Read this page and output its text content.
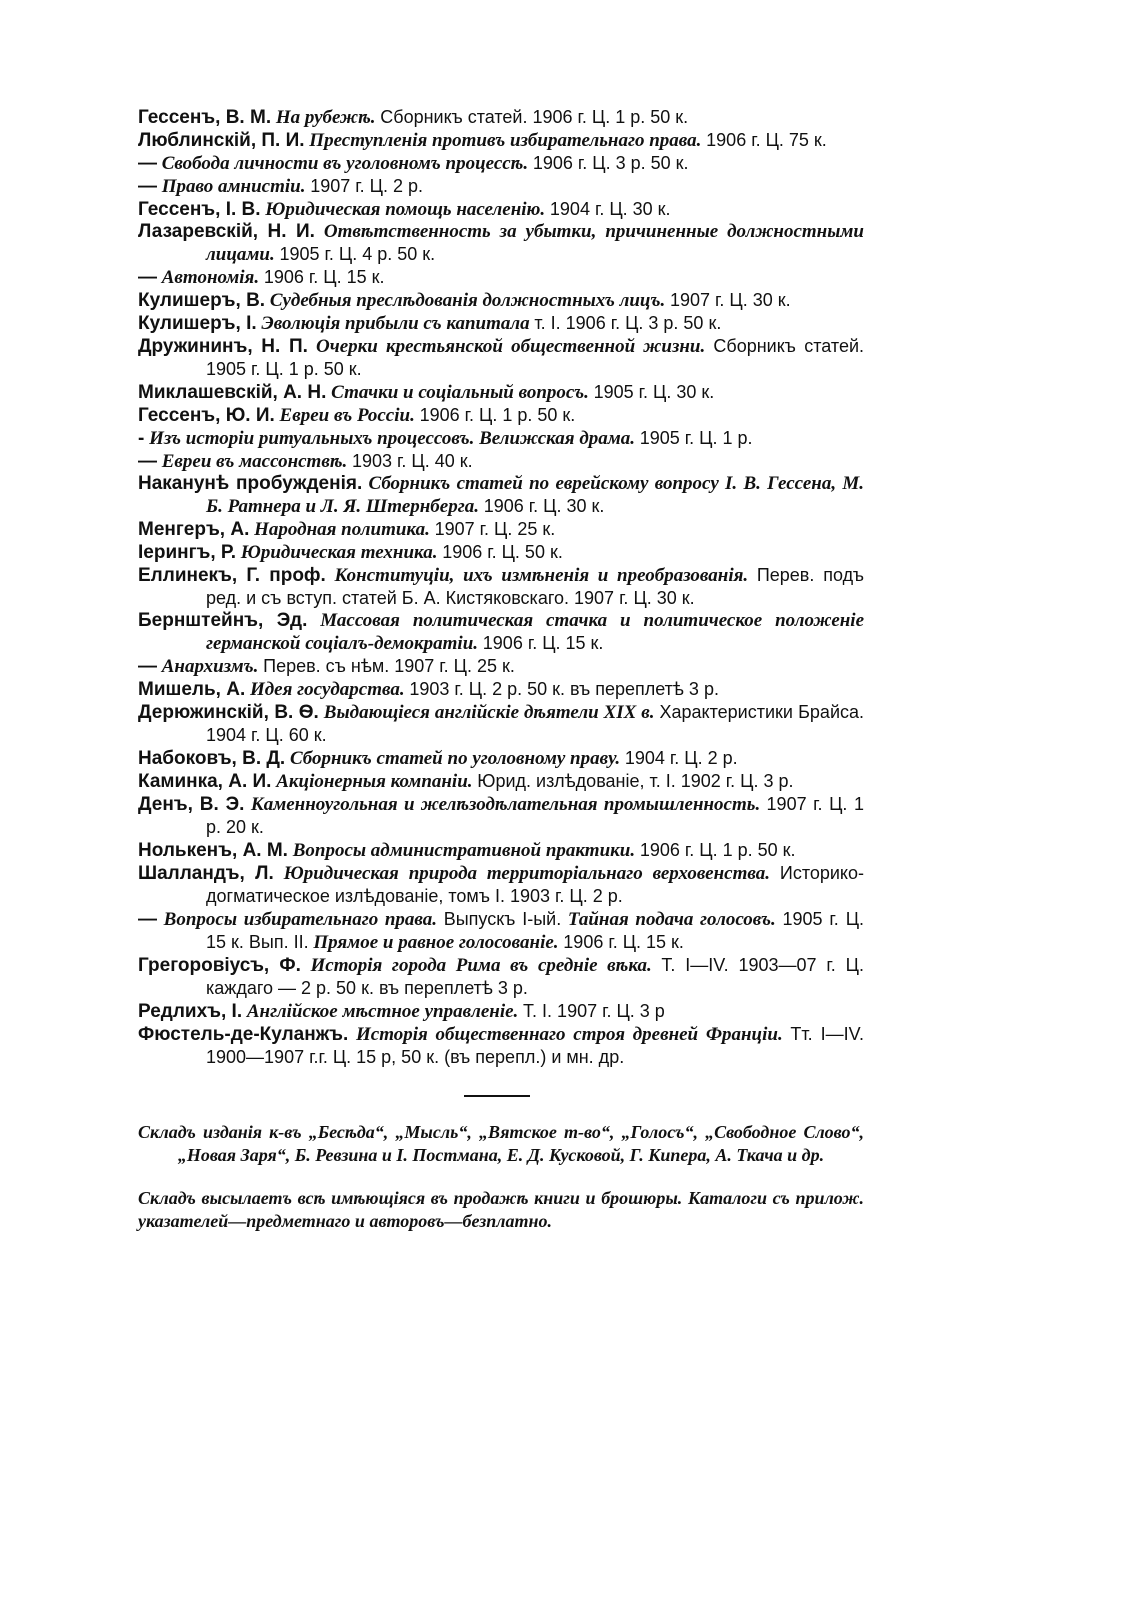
Гессенъ, В. М. На рубежѣ. Сборникъ статей. 1906 г. Ц. 1 р. 50 к.

Люблинскій, П. И. Преступленія противъ избирательнаго права. 1906 г. Ц. 75 к.

— Свобода личности въ уголовномъ процессѣ. 1906 г. Ц. 3 р. 50 к.

— Право амнистіи. 1907 г. Ц. 2 р.

Гессенъ, I. В. Юридическая помощь населенію. 1904 г. Ц. 30 к.

Лазаревскій, Н. И. Отвѣтственность за убытки, причиненные должностными лицами. 1905 г. Ц. 4 р. 50 к.

— Автономія. 1906 г. Ц. 15 к.

Кулишеръ, В. Судебныя преслѣдованія должностныхъ лицъ. 1907 г. Ц. 30 к.

Кулишеръ, I. Эволюція прибыли съ капитала т. I. 1906 г. Ц. 3 р. 50 к.

Дружининъ, Н. П. Очерки крестьянской общественной жизни. Сборникъ статей. 1905 г. Ц. 1 р. 50 к.

Миклашевскій, А. Н. Стачки и соціальный вопросъ. 1905 г. Ц. 30 к.

Гессенъ, Ю. И. Евреи въ Россіи. 1906 г. Ц. 1 р. 50 к.

- Изъ исторіи ритуальныхъ процессовъ. Велижская драма. 1905 г. Ц. 1 р.

— Евреи въ массонствѣ. 1903 г. Ц. 40 к.

Наканунѣ пробужденія. Сборникъ статей по еврейскому вопросу I. В. Гессена, М. Б. Ратнера и Л. Я. Штернберга. 1906 г. Ц. 30 к.

Менгеръ, А. Народная политика. 1907 г. Ц. 25 к.

Ieрингъ, Р. Юридическая техника. 1906 г. Ц. 50 к.

Еллинекъ, Г. проф. Конституціи, ихъ измѣненія и преобразованія. Перев. подъ ред. и съ вступ. статей Б. А. Кистяковскаго. 1907 г. Ц. 30 к.

Бернштейнъ, Эд. Массовая политическая стачка и политическое положеніе германской соціалъ-демократіи. 1906 г. Ц. 15 к.

— Анархизмъ. Перев. съ нѣм. 1907 г. Ц. 25 к.

Мишель, А. Идея государства. 1903 г. Ц. 2 р. 50 к. въ переплетѣ 3 р.

Дерюжинскій, В. Ѳ. Выдающіеся англійскіе дѣятели XIX в. Характеристики Брайса. 1904 г. Ц. 60 к.

Набоковъ, В. Д. Сборникъ статей по уголовному праву. 1904 г. Ц. 2 р.

Каминка, А. И. Акціонерныя компаніи. Юрид. излѣдованіе, т. I. 1902 г. Ц. 3 р.

Денъ, В. Э. Каменноугольная и желѣзодѣлательная промышленность. 1907 г. Ц. 1 р. 20 к.

Нолькенъ, А. М. Вопросы административной практики. 1906 г. Ц. 1 р. 50 к.

Шалландъ, Л. Юридическая природа территоріальнаго верховенства. Историко-догматическое излѣдованіе, томъ I. 1903 г. Ц. 2 р.

— Вопросы избирательнаго права. Выпускъ I-ый. Тайная подача голосовъ. 1905 г. Ц. 15 к. Вып. II. Прямое и равное голосованіе. 1906 г. Ц. 15 к.

Грегоровіусъ, Ф. Исторія города Рима въ средніе вѣка. Т. I—IV. 1903—07 г. Ц. каждаго — 2 р. 50 к. въ переплетѣ 3 р.

Редлихъ, I. Англійское мѣстное управленіе. Т. I. 1907 г. Ц. 3 р

Фюстель-де-Куланжъ. Исторія общественнаго строя древней Франціи. Тт. I—IV. 1900—1907 г.г. Ц. 15 р, 50 к. (въ перепл.) и мн. др.

Складъ изданія к-въ „Бесѣда“, „Мысль“, „Вятское т-во“, „Голосъ“, „Свободное Слово“, „Новая Заря“, Б. Ревзина и I. Постмана, Е. Д. Кусковой, Г. Кипера, А. Ткача и др.

Складъ высылаетъ всѣ имѣющіяся въ продажѣ книги и брошюры. Каталоги съ прилож. указателей—предметнаго и авторовъ—безплатно.
